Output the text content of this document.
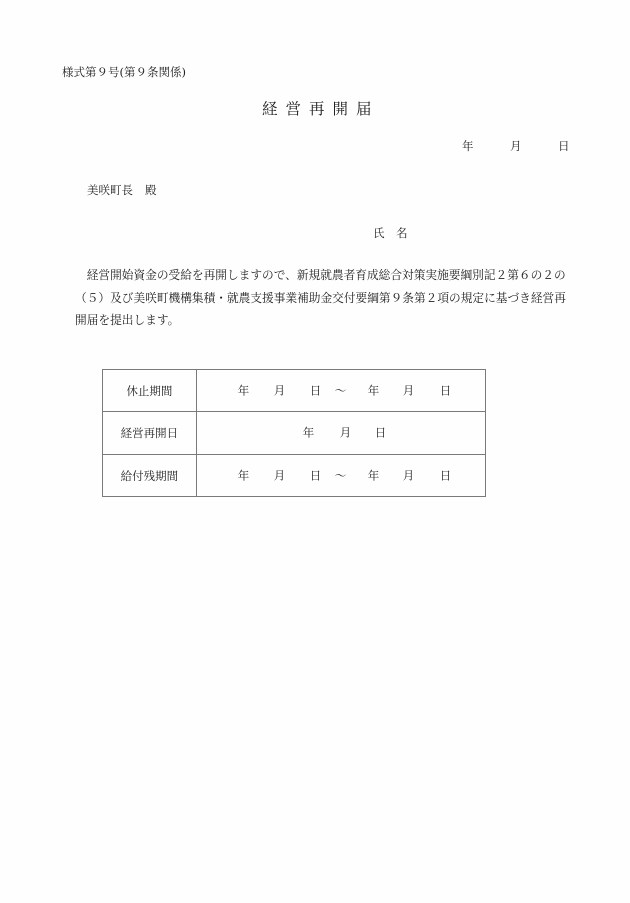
様式第９号(第９条関係)
経営再開届
年	月	日
美咲町長 殿
氏 名
　経営開始資金の受給を再開しますので、新規就農者育成総合対策実施要綱別記２第６の２の
（５）及び美咲町機構集積・就農支援事業補助金交付要綱第９条第２項の規定に基づき経営再
開届を提出します。
休止期間	年 月 日 ～ 年 月 日

経営再開日	年 月 日

給付残期間	年 月 日 ～ 年 月 日
